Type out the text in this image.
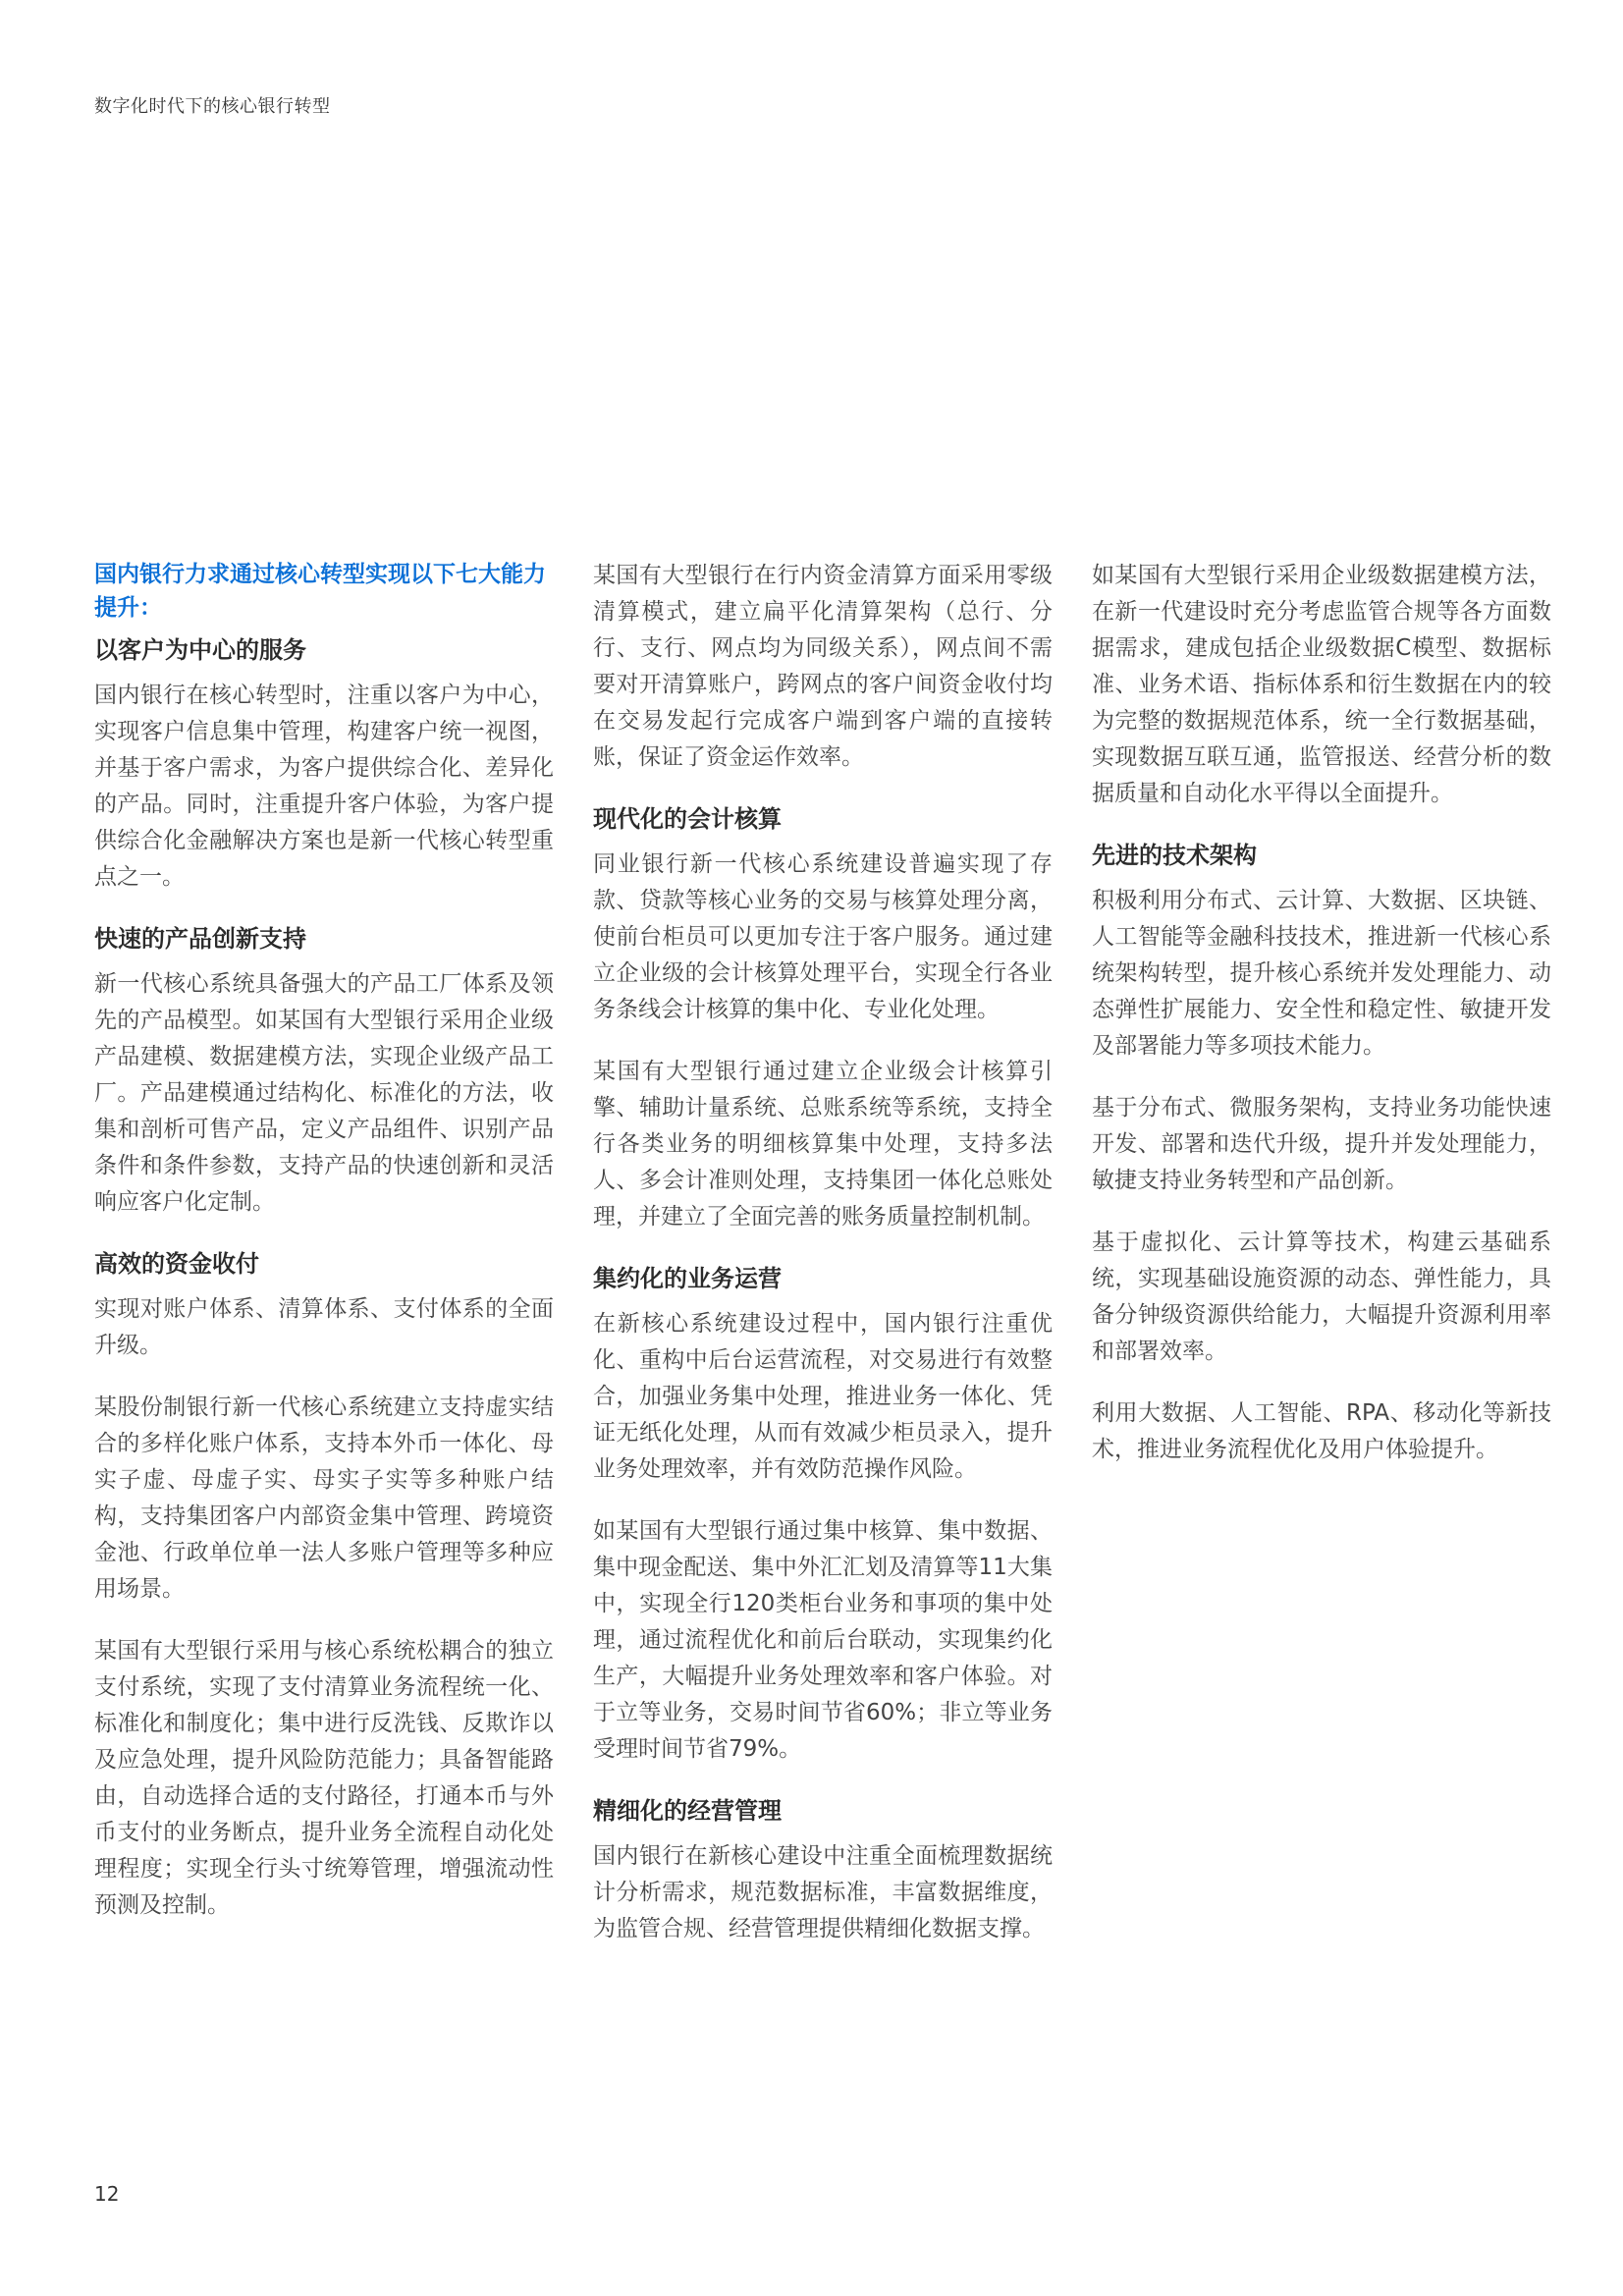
数字化时代下的核心银行转型
国内银行力求通过核心转型实现以下七大能力提升：
以客户为中心的服务

国内银行在核心转型时，注重以客户为中心，实现客户信息集中管理，构建客户统一视图，并基于客户需求，为客户提供综合化、差异化的产品。同时，注重提升客户体验，为客户提供综合化金融解决方案也是新一代核心转型重点之一。

快速的产品创新支持

新一代核心系统具备强大的产品工厂体系及领先的产品模型。如某国有大型银行采用企业级产品建模、数据建模方法，实现企业级产品工厂。产品建模通过结构化、标准化的方法，收集和剖析可售产品，定义产品组件、识别产品条件和条件参数，支持产品的快速创新和灵活响应客户化定制。

高效的资金收付

实现对账户体系、清算体系、支付体系的全面升级。

某股份制银行新一代核心系统建立支持虚实结合的多样化账户体系，支持本外币一体化、母实子虚、母虚子实、母实子实等多种账户结构，支持集团客户内部资金集中管理、跨境资金池、行政单位单一法人多账户管理等多种应用场景。

某国有大型银行采用与核心系统松耦合的独立支付系统，实现了支付清算业务流程统一化、标准化和制度化；集中进行反洗钱、反欺诈以及应急处理，提升风险防范能力；具备智能路由，自动选择合适的支付路径，打通本币与外币支付的业务断点，提升业务全流程自动化处理程度；实现全行头寸统筹管理，增强流动性预测及控制。

某国有大型银行在行内资金清算方面采用零级清算模式，建立扁平化清算架构（总行、分行、支行、网点均为同级关系），网点间不需要对开清算账户，跨网点的客户间资金收付均在交易发起行完成客户端到客户端的直接转账，保证了资金运作效率。

现代化的会计核算

同业银行新一代核心系统建设普遍实现了存款、贷款等核心业务的交易与核算处理分离，使前台柜员可以更加专注于客户服务。通过建立企业级的会计核算处理平台，实现全行各业务条线会计核算的集中化、专业化处理。

某国有大型银行通过建立企业级会计核算引擎、辅助计量系统、总账系统等系统，支持全行各类业务的明细核算集中处理，支持多法人、多会计准则处理，支持集团一体化总账处理，并建立了全面完善的账务质量控制机制。

集约化的业务运营

在新核心系统建设过程中，国内银行注重优化、重构中后台运营流程，对交易进行有效整合，加强业务集中处理，推进业务一体化、凭证无纸化处理，从而有效减少柜员录入，提升业务处理效率，并有效防范操作风险。

如某国有大型银行通过集中核算、集中数据、集中现金配送、集中外汇汇划及清算等11大集中，实现全行120类柜台业务和事项的集中处理，通过流程优化和前后台联动，实现集约化生产，大幅提升业务处理效率和客户体验。对于立等业务，交易时间节省60%；非立等业务受理时间节省79%。

精细化的经营管理

国内银行在新核心建设中注重全面梳理数据统计分析需求，规范数据标准，丰富数据维度，为监管合规、经营管理提供精细化数据支撑。

如某国有大型银行采用企业级数据建模方法，在新一代建设时充分考虑监管合规等各方面数据需求，建成包括企业级数据C模型、数据标准、业务术语、指标体系和衍生数据在内的较为完整的数据规范体系，统一全行数据基础，实现数据互联互通，监管报送、经营分析的数据质量和自动化水平得以全面提升。

先进的技术架构

积极利用分布式、云计算、大数据、区块链、人工智能等金融科技技术，推进新一代核心系统架构转型，提升核心系统并发处理能力、动态弹性扩展能力、安全性和稳定性、敏捷开发及部署能力等多项技术能力。

基于分布式、微服务架构，支持业务功能快速开发、部署和迭代升级，提升并发处理能力，敏捷支持业务转型和产品创新。

基于虚拟化、云计算等技术，构建云基础系统，实现基础设施资源的动态、弹性能力，具备分钟级资源供给能力，大幅提升资源利用率和部署效率。

利用大数据、人工智能、RPA、移动化等新技术，推进业务流程优化及用户体验提升。

12
